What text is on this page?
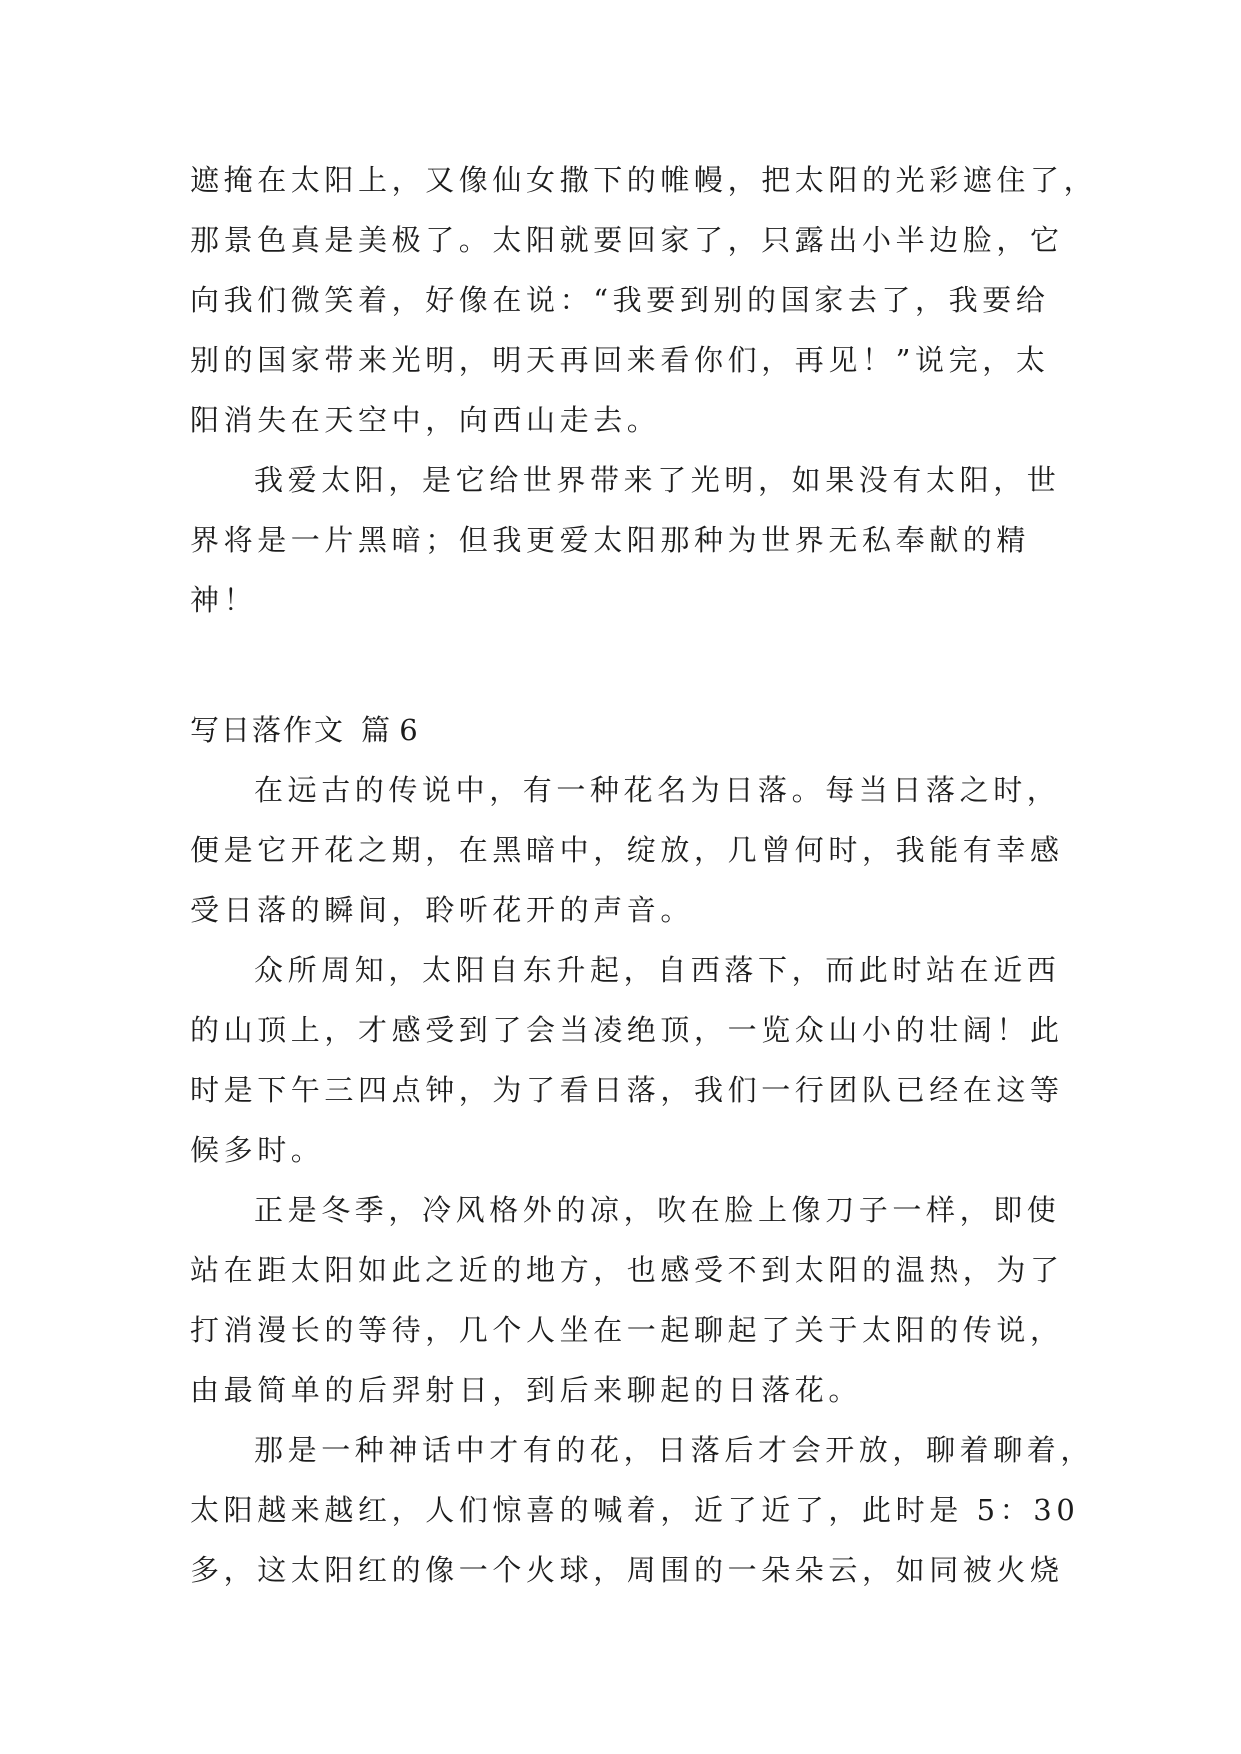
遮掩在太阳上，又像仙女撒下的帷幔，把太阳的光彩遮住了，
那景色真是美极了。太阳就要回家了，只露出小半边脸，它
向我们微笑着，好像在说：“我要到别的国家去了，我要给
别的国家带来光明，明天再回来看你们，再见！”说完，太
阳消失在天空中，向西山走去。
我爱太阳，是它给世界带来了光明，如果没有太阳，世
界将是一片黑暗；但我更爱太阳那种为世界无私奉献的精
神！
写日落作文 篇 6
在远古的传说中，有一种花名为日落。每当日落之时，
便是它开花之期，在黑暗中，绽放，几曾何时，我能有幸感
受日落的瞬间，聆听花开的声音。
众所周知，太阳自东升起，自西落下，而此时站在近西
的山顶上，才感受到了会当凌绝顶，一览众山小的壮阔！此
时是下午三四点钟，为了看日落，我们一行团队已经在这等
候多时。
正是冬季，冷风格外的凉，吹在脸上像刀子一样，即使
站在距太阳如此之近的地方，也感受不到太阳的温热，为了
打消漫长的等待，几个人坐在一起聊起了关于太阳的传说，
由最简单的后羿射日，到后来聊起的日落花。
那是一种神话中才有的花，日落后才会开放，聊着聊着，
太阳越来越红，人们惊喜的喊着，近了近了，此时是 5：30
多，这太阳红的像一个火球，周围的一朵朵云，如同被火烧
